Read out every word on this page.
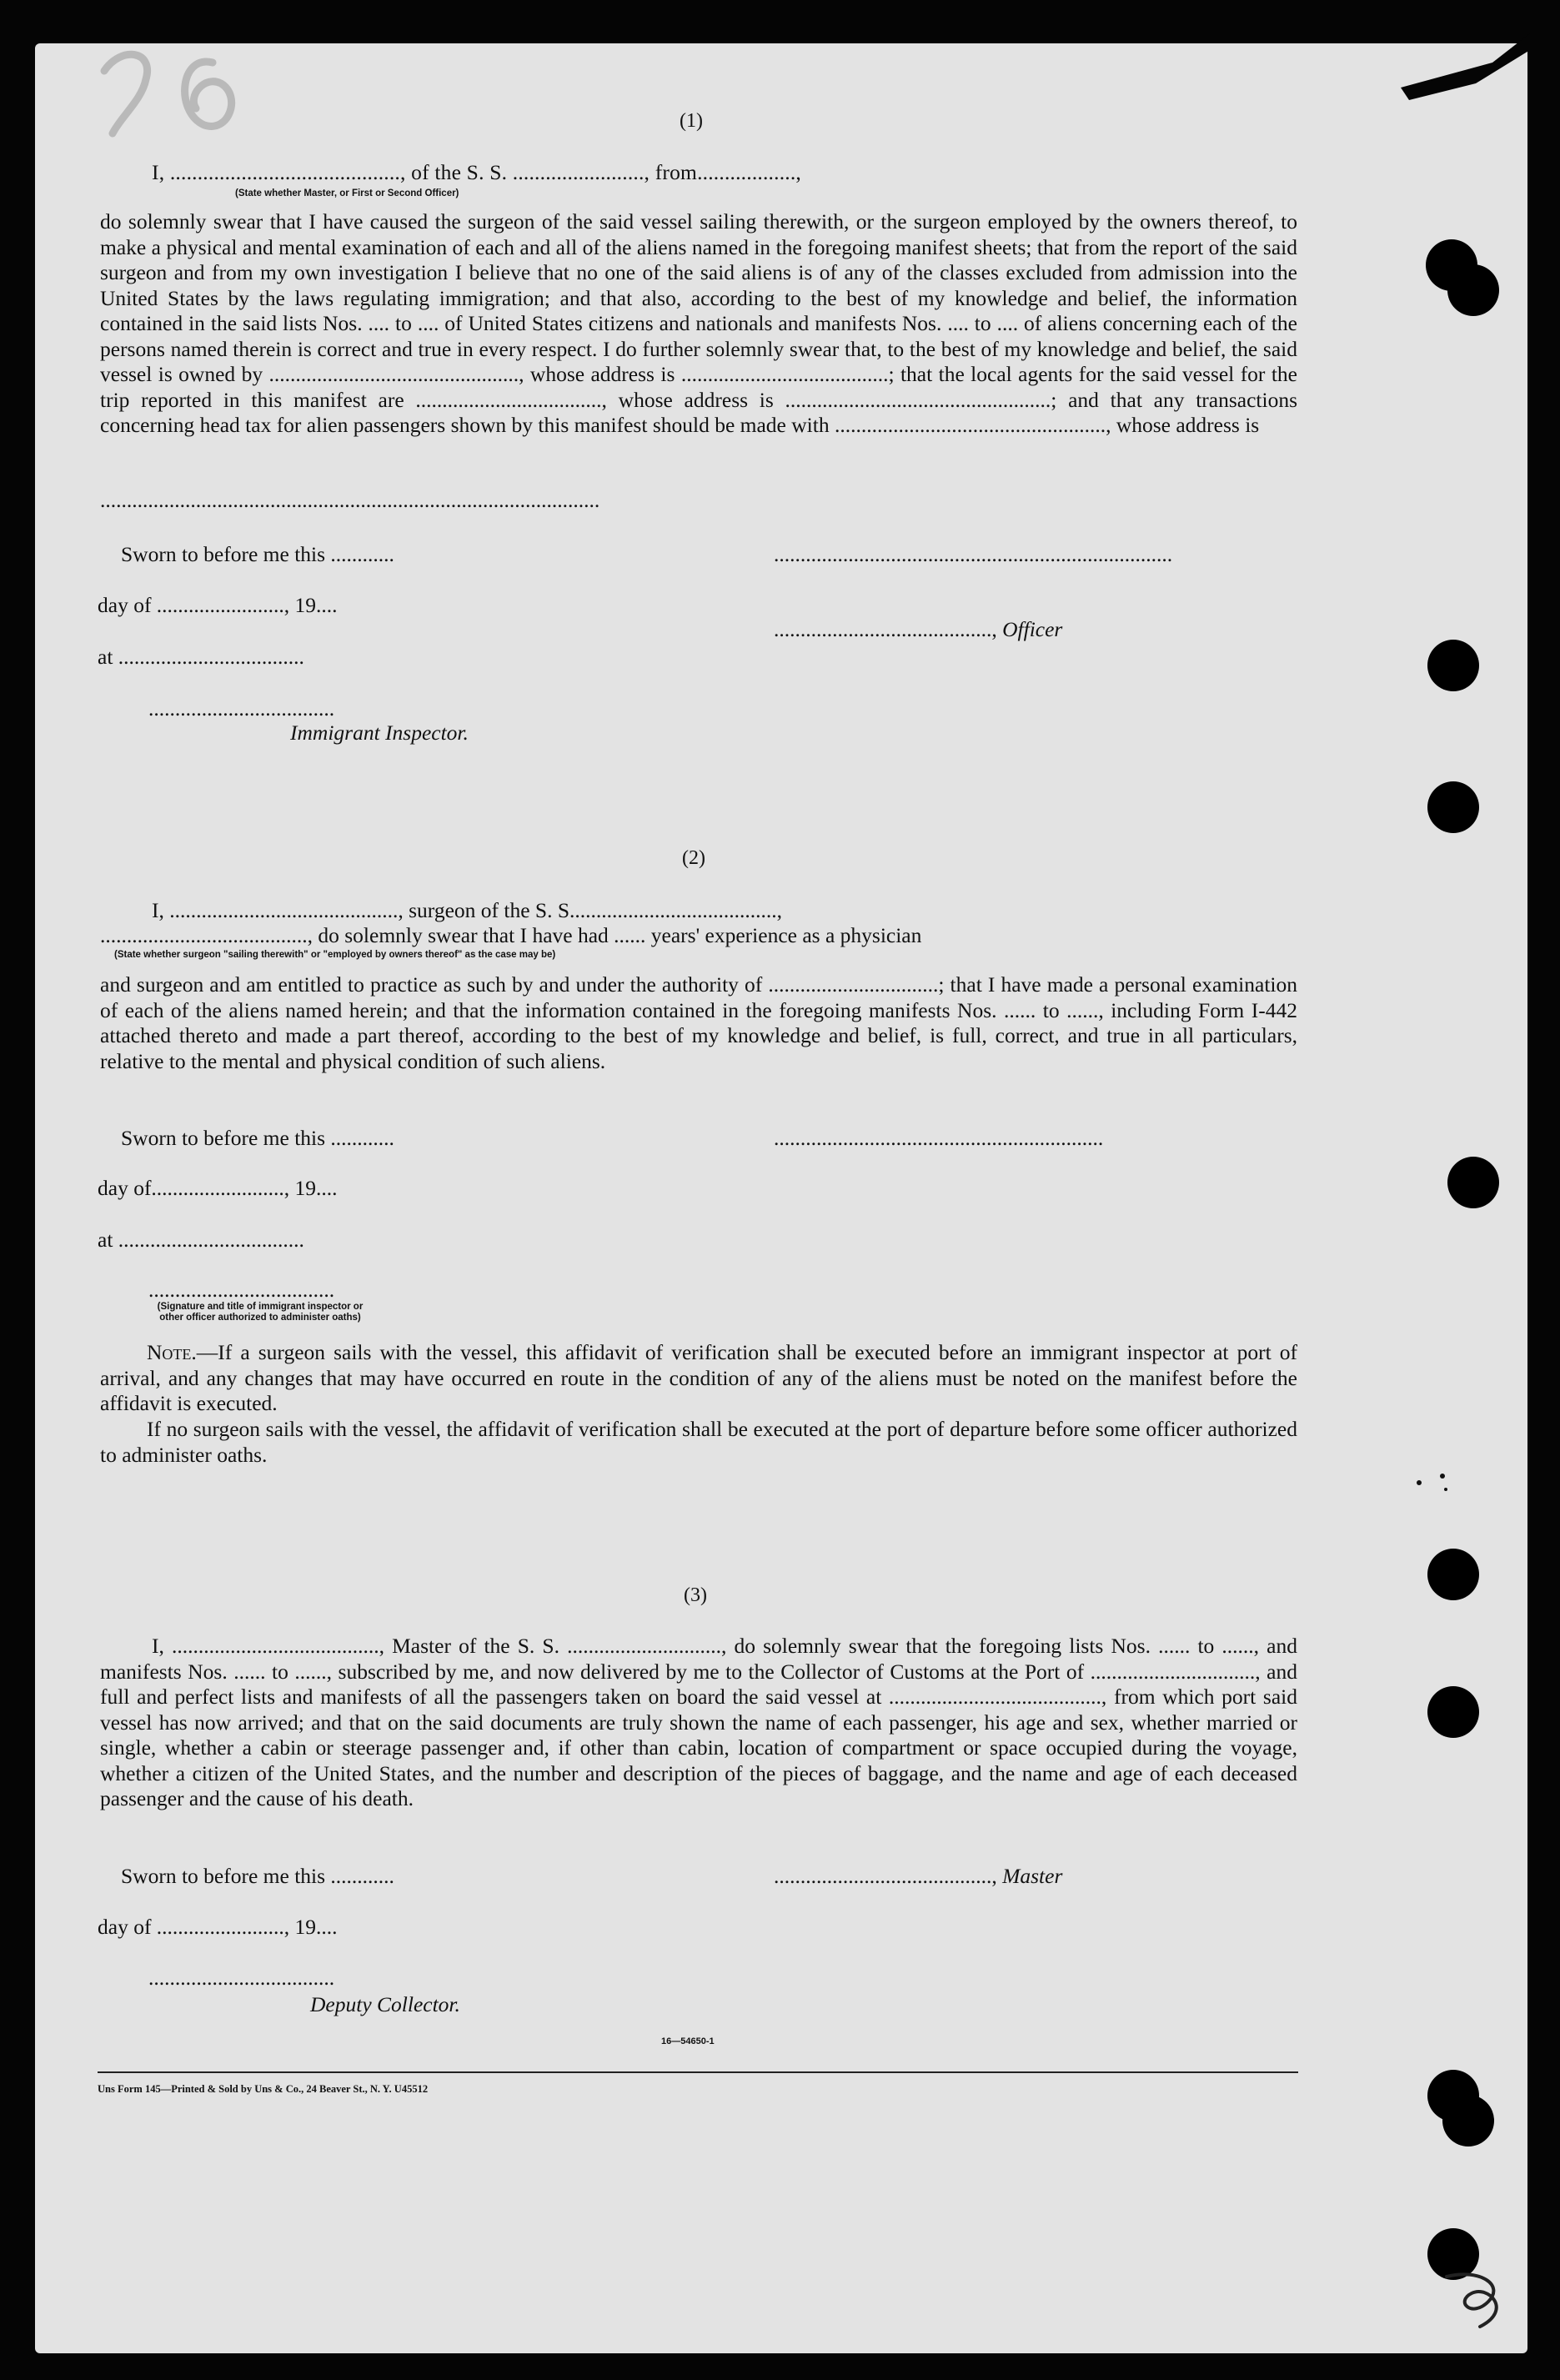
(1)
I, .........................................., of the S. S. ........................, from..................,
(State whether Master, or First or Second Officer)
do solemnly swear that I have caused the surgeon of the said vessel sailing therewith, or the surgeon employed by the owners thereof, to make a physical and mental examination of each and all of the aliens named in the foregoing manifest sheets; that from the report of the said surgeon and from my own investigation I believe that no one of the said aliens is of any of the classes excluded from admission into the United States by the laws regulating immigration; and that also, according to the best of my knowledge and belief, the information contained in the said lists Nos. .... to .... of United States citizens and nationals and manifests Nos. .... to .... of aliens concerning each of the persons named therein is correct and true in every respect. I do further solemnly swear that, to the best of my knowledge and belief, the said vessel is owned by ..............................................., whose address is .......................................; that the local agents for the said vessel for the trip reported in this manifest are ..................................., whose address is ..................................................; and that any transactions concerning head tax for alien passengers shown by this manifest should be made with ..................................................., whose address is
..............................................................................................
Sworn to before me this ............	...........................................................................
day of ........................, 19....
........................................., Officer
at ...................................
...................................
Immigrant Inspector.
(2)
I, ..........................................., surgeon of the S. S.......................................,
......................................., do solemnly swear that I have had ...... years' experience as a physician
(State whether surgeon "sailing therewith" or "employed by owners thereof" as the case may be)
and surgeon and am entitled to practice as such by and under the authority of ................................; that I have made a personal examination of each of the aliens named herein; and that the information contained in the foregoing manifests Nos. ...... to ......, including Form I-442 attached thereto and made a part thereof, according to the best of my knowledge and belief, is full, correct, and true in all particulars, relative to the mental and physical condition of such aliens.
Sworn to before me this ............	..............................................................
day of........................., 19....
at ...................................
...................................
(Signature and title of immigrant inspector or
other officer authorized to administer oaths)
Note.—If a surgeon sails with the vessel, this affidavit of verification shall be executed before an immigrant inspector at port of arrival, and any changes that may have occurred en route in the condition of any of the aliens must be noted on the manifest before the affidavit is executed.
If no surgeon sails with the vessel, the affidavit of verification shall be executed at the port of departure before some officer authorized to administer oaths.
(3)
I, ......................................., Master of the S. S. ............................., do solemnly swear that the foregoing lists Nos. ...... to ......, and manifests Nos. ...... to ......, subscribed by me, and now delivered by me to the Collector of Customs at the Port of ..............................., and full and perfect lists and manifests of all the passengers taken on board the said vessel at ........................................, from which port said vessel has now arrived; and that on the said documents are truly shown the name of each passenger, his age and sex, whether married or single, whether a cabin or steerage passenger and, if other than cabin, location of compartment or space occupied during the voyage, whether a citizen of the United States, and the number and description of the pieces of baggage, and the name and age of each deceased passenger and the cause of his death.
Sworn to before me this ............	........................................., Master
day of ........................, 19....
...................................
Deputy Collector.
16—54650-1
Uns Form 145—Printed & Sold by Uns & Co., 24 Beaver St., N. Y. U45512
